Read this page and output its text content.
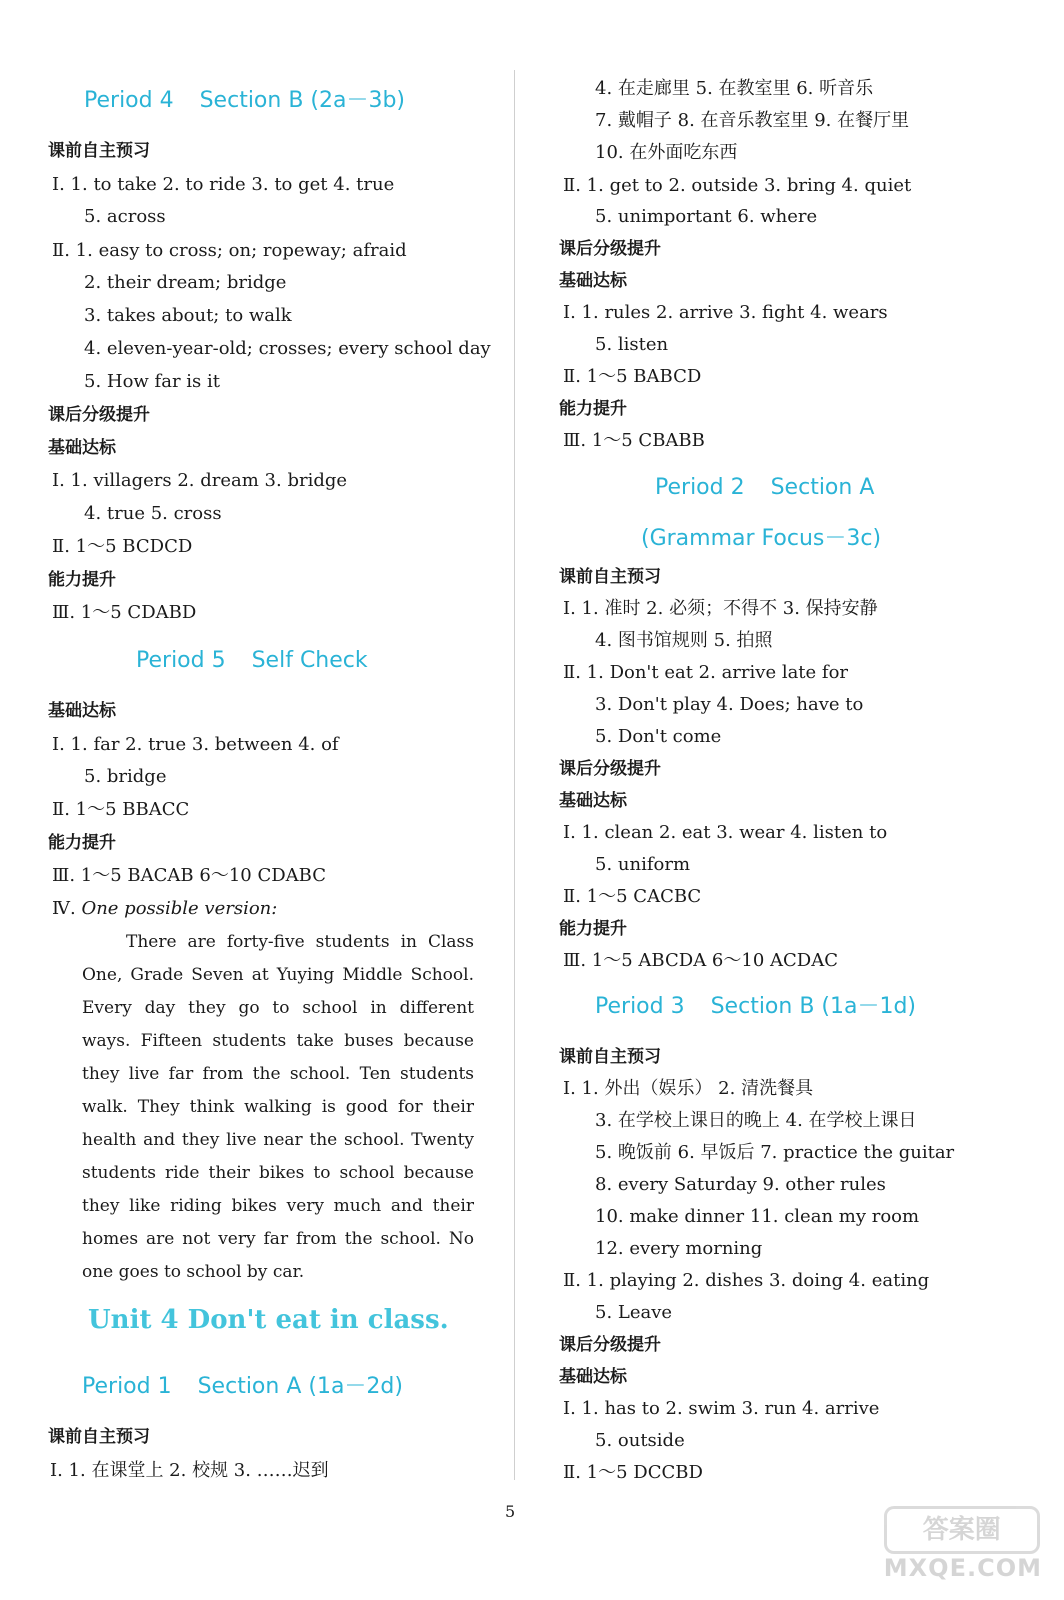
Period 4 Section B (2a－3b)
课前自主预习
Ⅰ. 1. to take 2. to ride 3. to get 4. true
5. across
Ⅱ. 1. easy to cross; on; ropeway; afraid
2. their dream; bridge
3. takes about; to walk
4. eleven-year-old; crosses; every school day
5. How far is it
课后分级提升
基础达标
Ⅰ. 1. villagers 2. dream 3. bridge
4. true 5. cross
Ⅱ. 1～5 BCDCD
能力提升
Ⅲ. 1～5 CDABD
Period 5 Self Check
基础达标
Ⅰ. 1. far 2. true 3. between 4. of
5. bridge
Ⅱ. 1～5 BBACC
能力提升
Ⅲ. 1～5 BACAB 6～10 CDABC
Ⅳ. One possible version:
There are forty-five students in Class One, Grade Seven at Yuying Middle School. Every day they go to school in different ways. Fifteen students take buses because they live far from the school. Ten students walk. They think walking is good for their health and they live near the school. Twenty students ride their bikes to school because they like riding bikes very much and their homes are not very far from the school. No one goes to school by car.
Unit 4 Don't eat in class.
Period 1 Section A (1a－2d)
课前自主预习
Ⅰ. 1. 在课堂上 2. 校规 3. ……迟到
4. 在走廊里 5. 在教室里 6. 听音乐
7. 戴帽子 8. 在音乐教室里 9. 在餐厅里
10. 在外面吃东西
Ⅱ. 1. get to 2. outside 3. bring 4. quiet
5. unimportant 6. where
课后分级提升
基础达标
Ⅰ. 1. rules 2. arrive 3. fight 4. wears
5. listen
Ⅱ. 1～5 BABCD
能力提升
Ⅲ. 1～5 CBABB
Period 2 Section A
(Grammar Focus－3c)
课前自主预习
Ⅰ. 1. 准时 2. 必须；不得不 3. 保持安静
4. 图书馆规则 5. 拍照
Ⅱ. 1. Don't eat 2. arrive late for
3. Don't play 4. Does; have to
5. Don't come
课后分级提升
基础达标
Ⅰ. 1. clean 2. eat 3. wear 4. listen to
5. uniform
Ⅱ. 1～5 CACBC
能力提升
Ⅲ. 1～5 ABCDA 6～10 ACDAC
Period 3 Section B (1a－1d)
课前自主预习
Ⅰ. 1. 外出（娱乐） 2. 清洗餐具
3. 在学校上课日的晚上 4. 在学校上课日
5. 晚饭前 6. 早饭后 7. practice the guitar
8. every Saturday 9. other rules
10. make dinner 11. clean my room
12. every morning
Ⅱ. 1. playing 2. dishes 3. doing 4. eating
5. Leave
课后分级提升
基础达标
Ⅰ. 1. has to 2. swim 3. run 4. arrive
5. outside
Ⅱ. 1～5 DCCBD
5
答案圈
MXQE.COM
